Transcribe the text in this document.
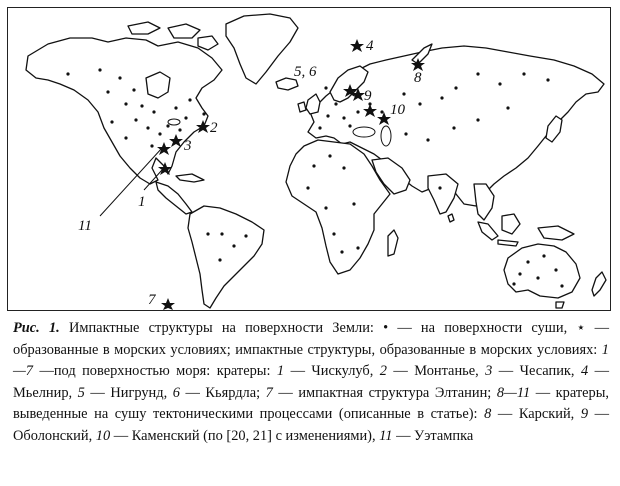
1
2
3
4
5, 6
7
8
9
10
11
Рис. 1. Импактные структуры на поверхности Земли: • — на поверхности суши, ⋆ — образованные в морских условиях; импактные структуры, образованные в морских условиях: 1—7 —под поверхностью моря: кратеры: 1 — Чискулуб, 2 — Монтанье, 3 — Чесапик, 4 — Мьелнир, 5 — Нигрунд, 6 — Кьярдла; 7 — импактная структура Элтанин; 8—11 — кратеры, выведенные на сушу тектоническими процессами (описанные в статье): 8 — Карский, 9 — Оболонский, 10 — Каменский (по [20, 21] с изменениями), 11 — Уэтампка
